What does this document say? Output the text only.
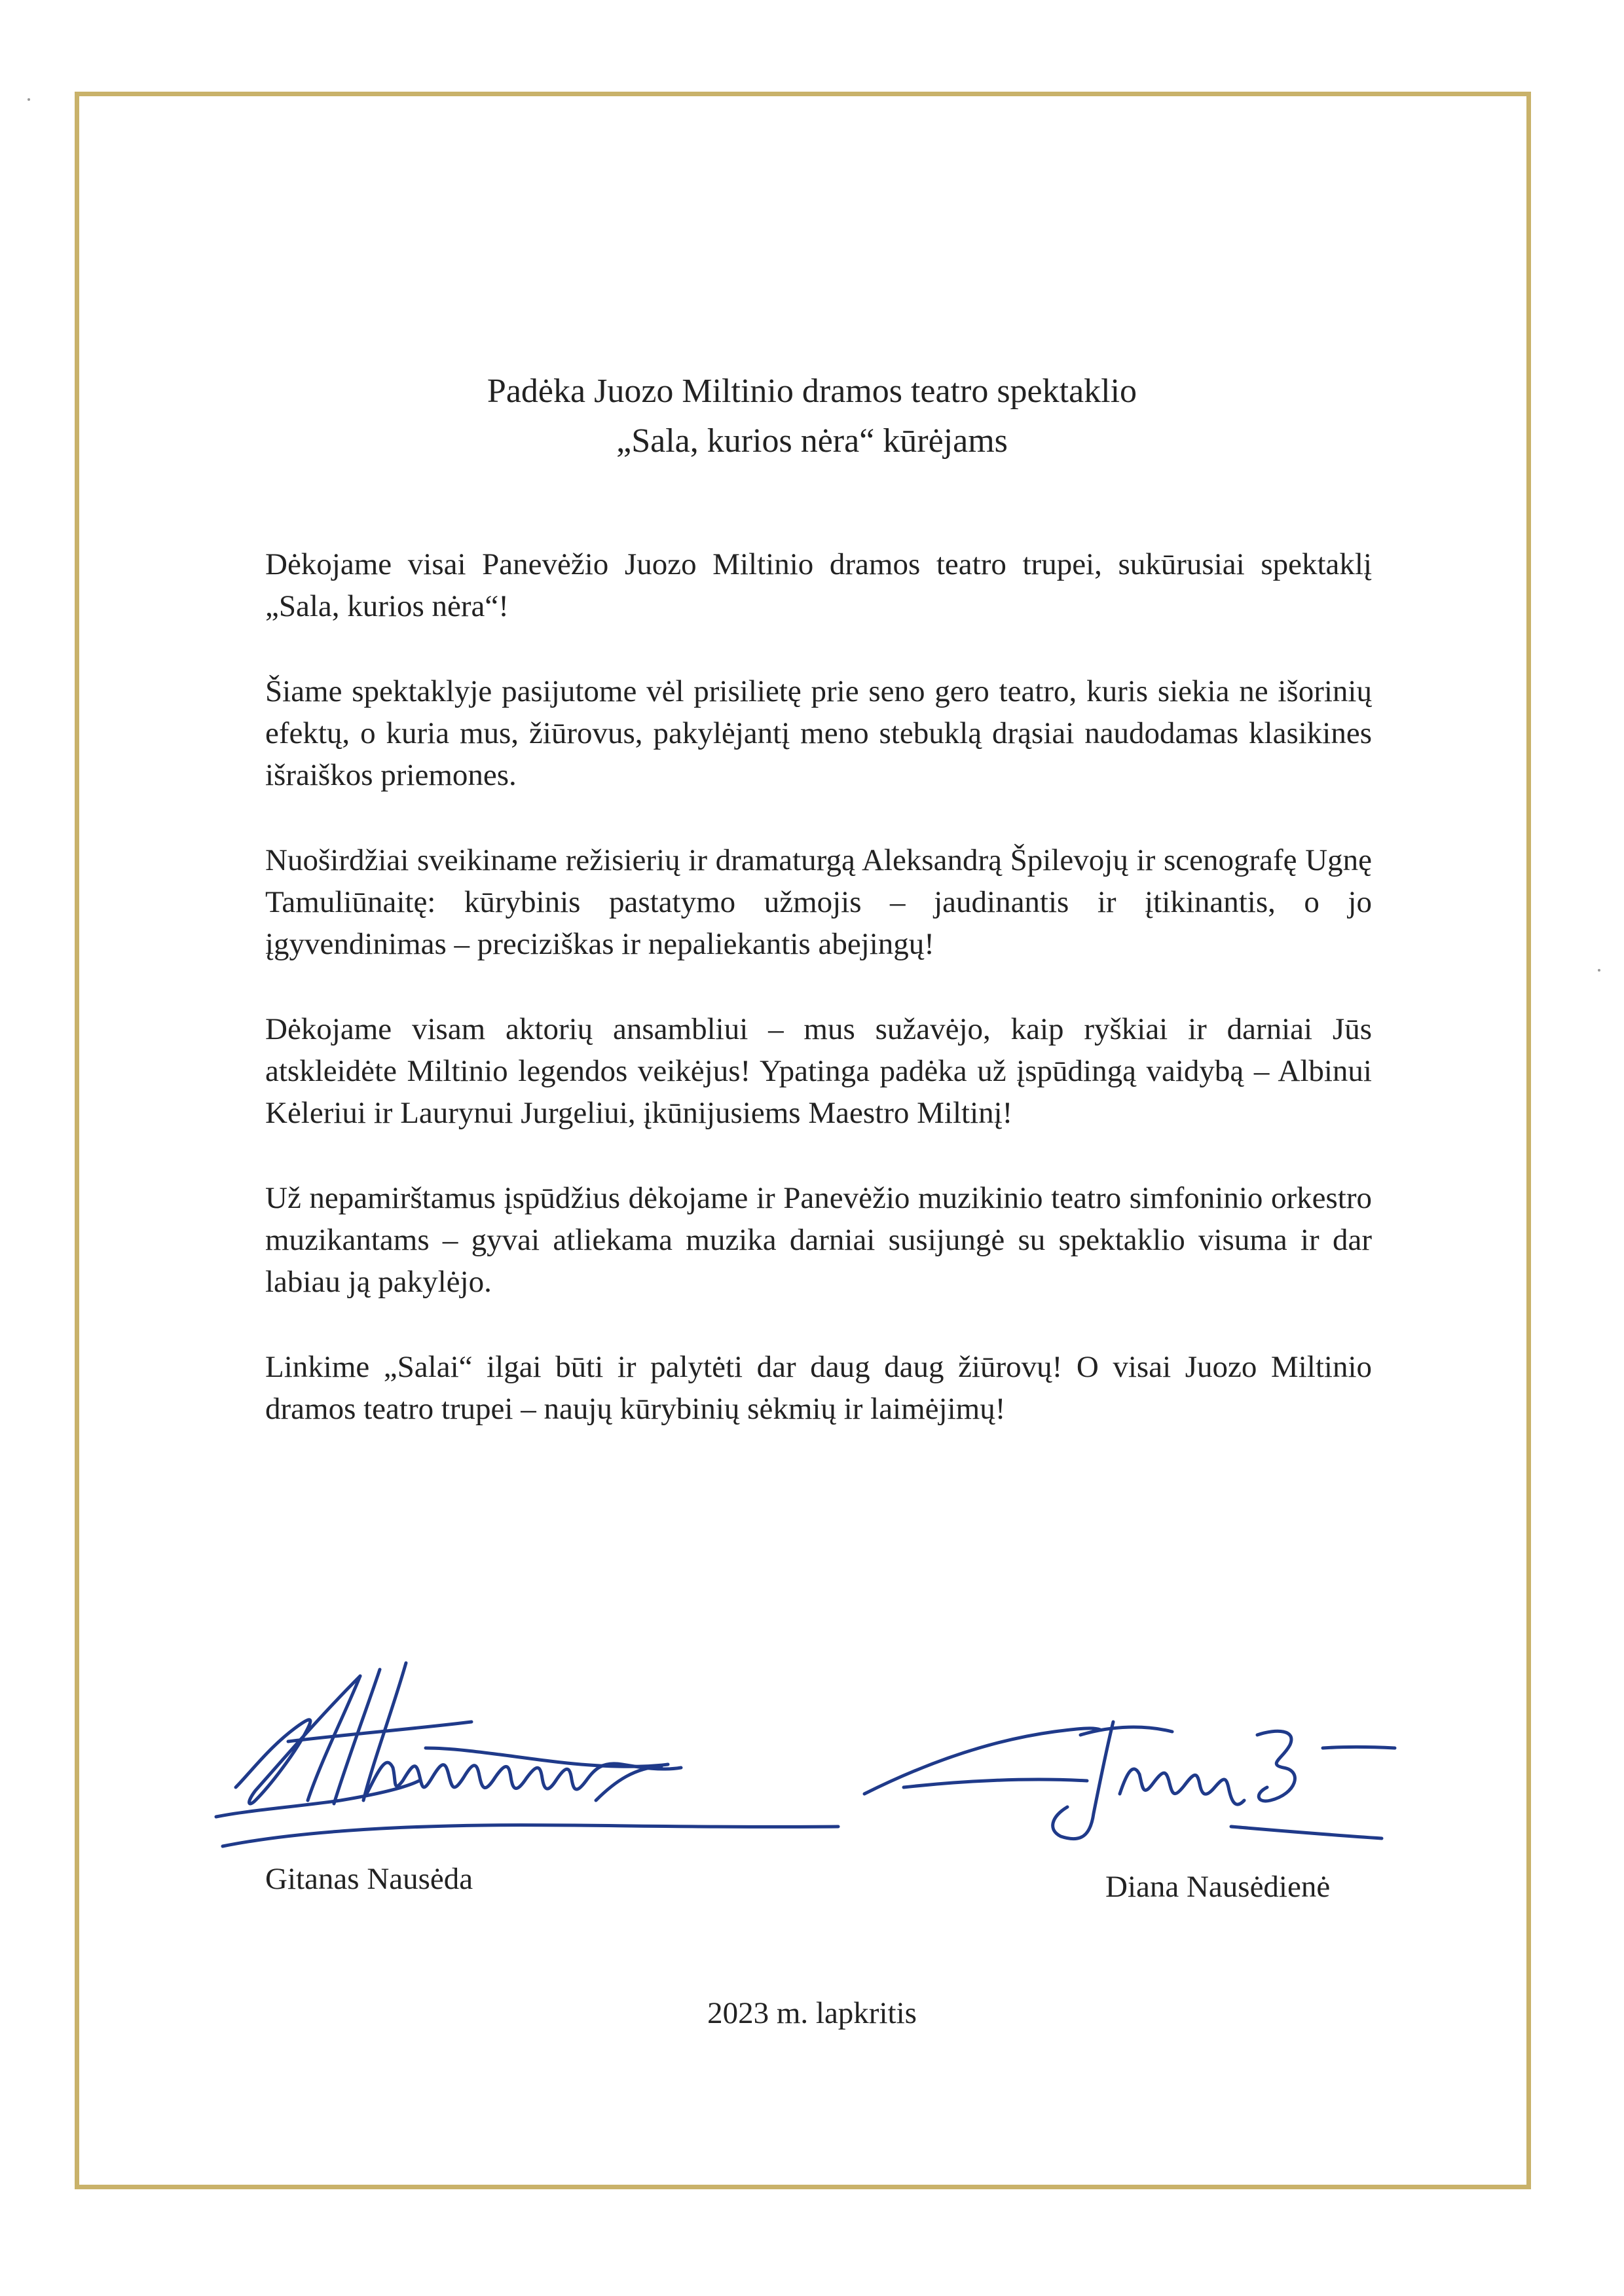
Padėka Juozo Miltinio dramos teatro spektaklio
„Sala, kurios nėra“ kūrėjams

Dėkojame visai Panevėžio Juozo Miltinio dramos teatro trupei, sukūrusiai spektaklį „Sala, kurios nėra“!

Šiame spektaklyje pasijutome vėl prisilietę prie seno gero teatro, kuris siekia ne išorinių efektų, o kuria mus, žiūrovus, pakylėjantį meno stebuklą drąsiai naudodamas klasikines išraiškos priemones.

Nuoširdžiai sveikiname režisierių ir dramaturgą Aleksandrą Špilevojų ir scenografę Ugnę Tamuliūnaitę: kūrybinis pastatymo užmojis – jaudinantis ir įtikinantis, o jo įgyvendinimas – preciziškas ir nepaliekantis abejingų!

Dėkojame visam aktorių ansambliui – mus sužavėjo, kaip ryškiai ir darniai Jūs atskleidėte Miltinio legendos veikėjus! Ypatinga padėka už įspūdingą vaidybą – Albinui Kėleriui ir Laurynui Jurgeliui, įkūnijusiems Maestro Miltinį!

Už nepamirštamus įspūdžius dėkojame ir Panevėžio muzikinio teatro simfoninio orkestro muzikantams – gyvai atliekama muzika darniai susijungė su spektaklio visuma ir dar labiau ją pakylėjo.

Linkime „Salai“ ilgai būti ir palytėti dar daug daug žiūrovų! O visai Juozo Miltinio dramos teatro trupei – naujų kūrybinių sėkmių ir laimėjimų!

Gitanas Nausėda	Diana Nausėdienė
2023 m. lapkritis
